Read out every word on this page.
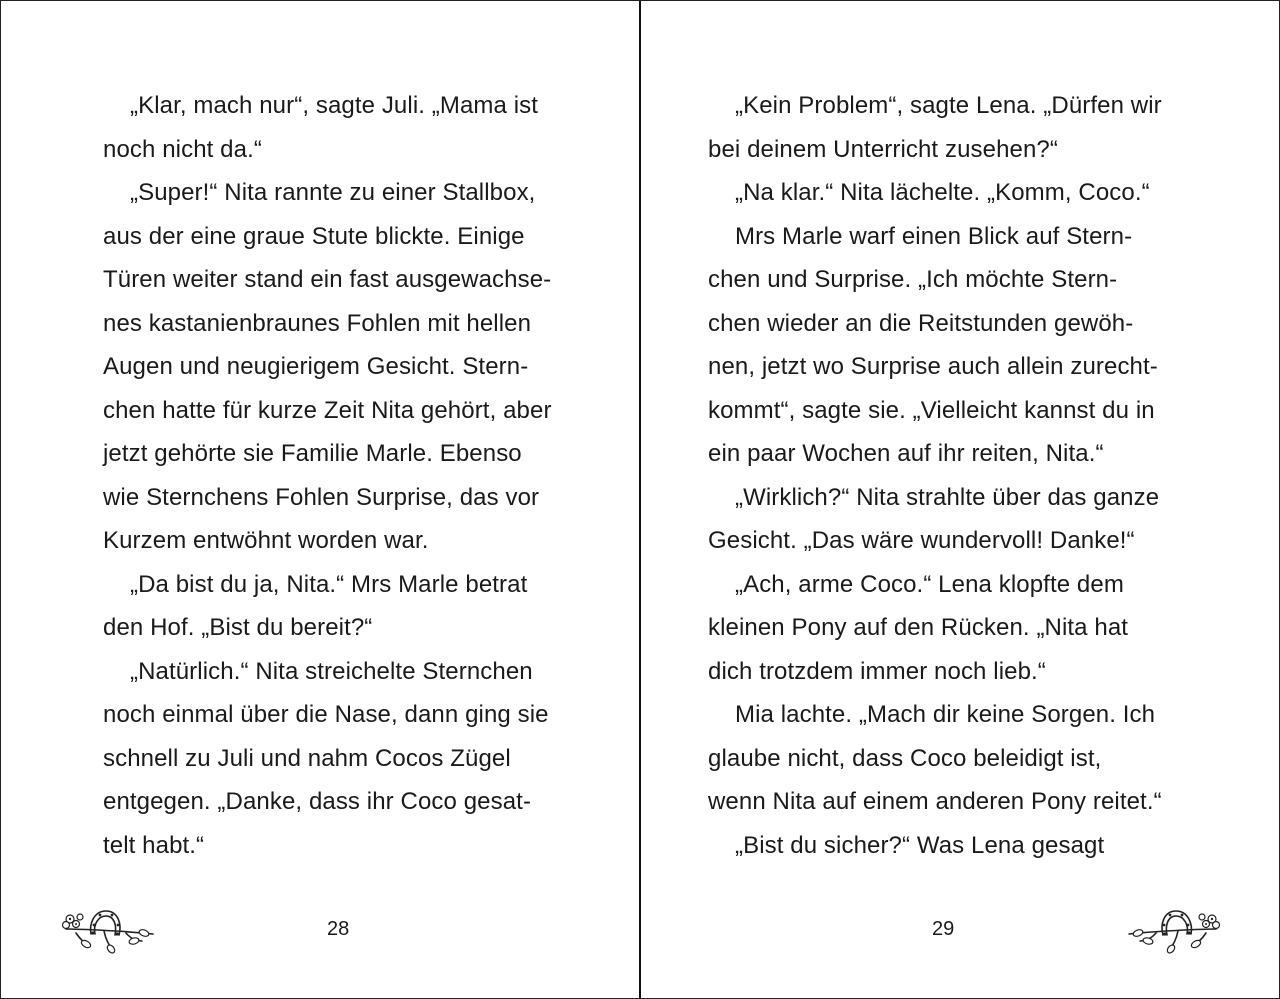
„Klar, mach nur“, sagte Juli. „Mama ist
noch nicht da.“
„Super!“ Nita rannte zu einer Stallbox,
aus der eine graue Stute blickte. Einige
Türen weiter stand ein fast ausgewachse-
nes kastanienbraunes Fohlen mit hellen
Augen und neugierigem Gesicht. Stern-
chen hatte für kurze Zeit Nita gehört, aber
jetzt gehörte sie Familie Marle. Ebenso
wie Sternchens Fohlen Surprise, das vor
Kurzem entwöhnt worden war.
„Da bist du ja, Nita.“ Mrs Marle betrat
den Hof. „Bist du bereit?“
„Natürlich.“ Nita streichelte Sternchen
noch einmal über die Nase, dann ging sie
schnell zu Juli und nahm Cocos Zügel
entgegen. „Danke, dass ihr Coco gesat-
telt habt.“
28
„Kein Problem“, sagte Lena. „Dürfen wir
bei deinem Unterricht zusehen?“
„Na klar.“ Nita lächelte. „Komm, Coco.“
Mrs Marle warf einen Blick auf Stern-
chen und Surprise. „Ich möchte Stern-
chen wieder an die Reitstunden gewöh-
nen, jetzt wo Surprise auch allein zurecht-
kommt“, sagte sie. „Vielleicht kannst du in
ein paar Wochen auf ihr reiten, Nita.“
„Wirklich?“ Nita strahlte über das ganze
Gesicht. „Das wäre wundervoll! Danke!“
„Ach, arme Coco.“ Lena klopfte dem
kleinen Pony auf den Rücken. „Nita hat
dich trotzdem immer noch lieb.“
Mia lachte. „Mach dir keine Sorgen. Ich
glaube nicht, dass Coco beleidigt ist,
wenn Nita auf einem anderen Pony reitet.“
„Bist du sicher?“ Was Lena gesagt
29
